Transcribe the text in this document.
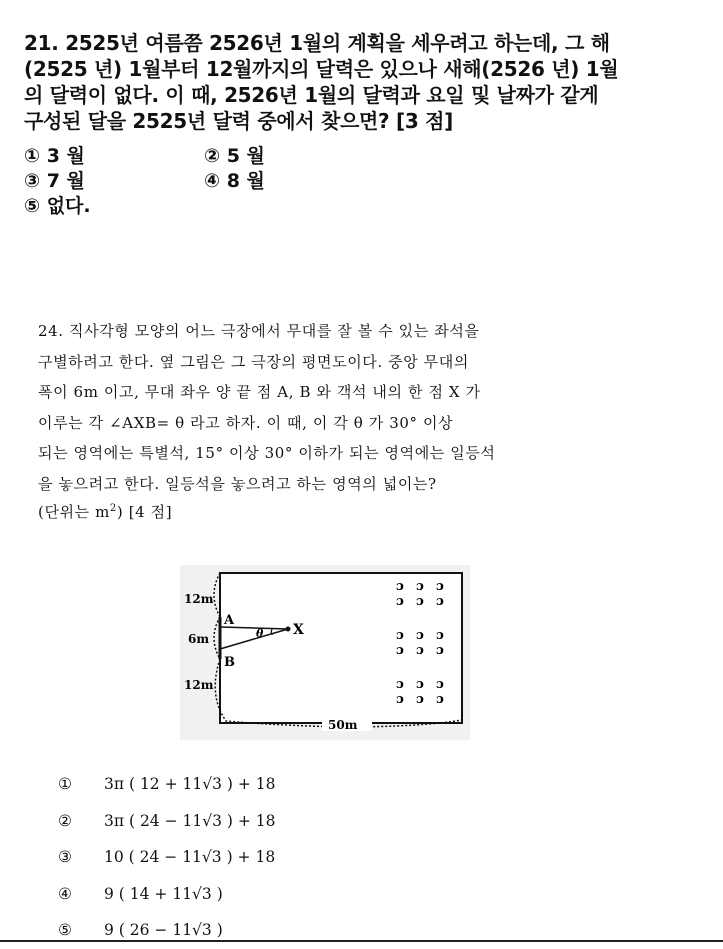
21. 2525년 여름쯤 2526년 1월의 계획을 세우려고 하는데, 그 해
(2525 년) 1월부터 12월까지의 달력은 있으나 새해(2526 년) 1월
의 달력이 없다. 이 때, 2526년 1월의 달력과 요일 및 날짜가 같게
구성된 달을 2525년 달력 중에서 찾으면? [3 점]

① 3 월	② 5 월
③ 7 월	④ 8 월
⑤ 없다.

24. 직사각형 모양의 어느 극장에서 무대를 잘 볼 수 있는 좌석을
구별하려고 한다. 옆 그림은 그 극장의 평면도이다. 중앙 무대의
폭이 6m 이고, 무대 좌우 양 끝 점 A, B 와 객석 내의 한 점 X 가
이루는 각 ∠AXB= θ 라고 하자. 이 때, 이 각 θ 가 30° 이상
되는 영역에는 특별석, 15° 이상 30° 이하가 되는 영역에는 일등석
을 놓으려고 한다. 일등석을 놓으려고 하는 영역의 넓이는?

(단위는 $m^2$) [4 점]
12m
6m
12m
A
B
X
θ
50m
ɔ ɔ ɔ
ɔ ɔ ɔ
ɔ ɔ ɔ
ɔ ɔ ɔ
ɔ ɔ ɔ
ɔ ɔ ɔ
①	3π ( 12 + 11√3 ) + 18
②	3π ( 24 − 11√3 ) + 18
③	10 ( 24 − 11√3 ) + 18
④	9 ( 14 + 11√3 )
⑤	9 ( 26 − 11√3 )
